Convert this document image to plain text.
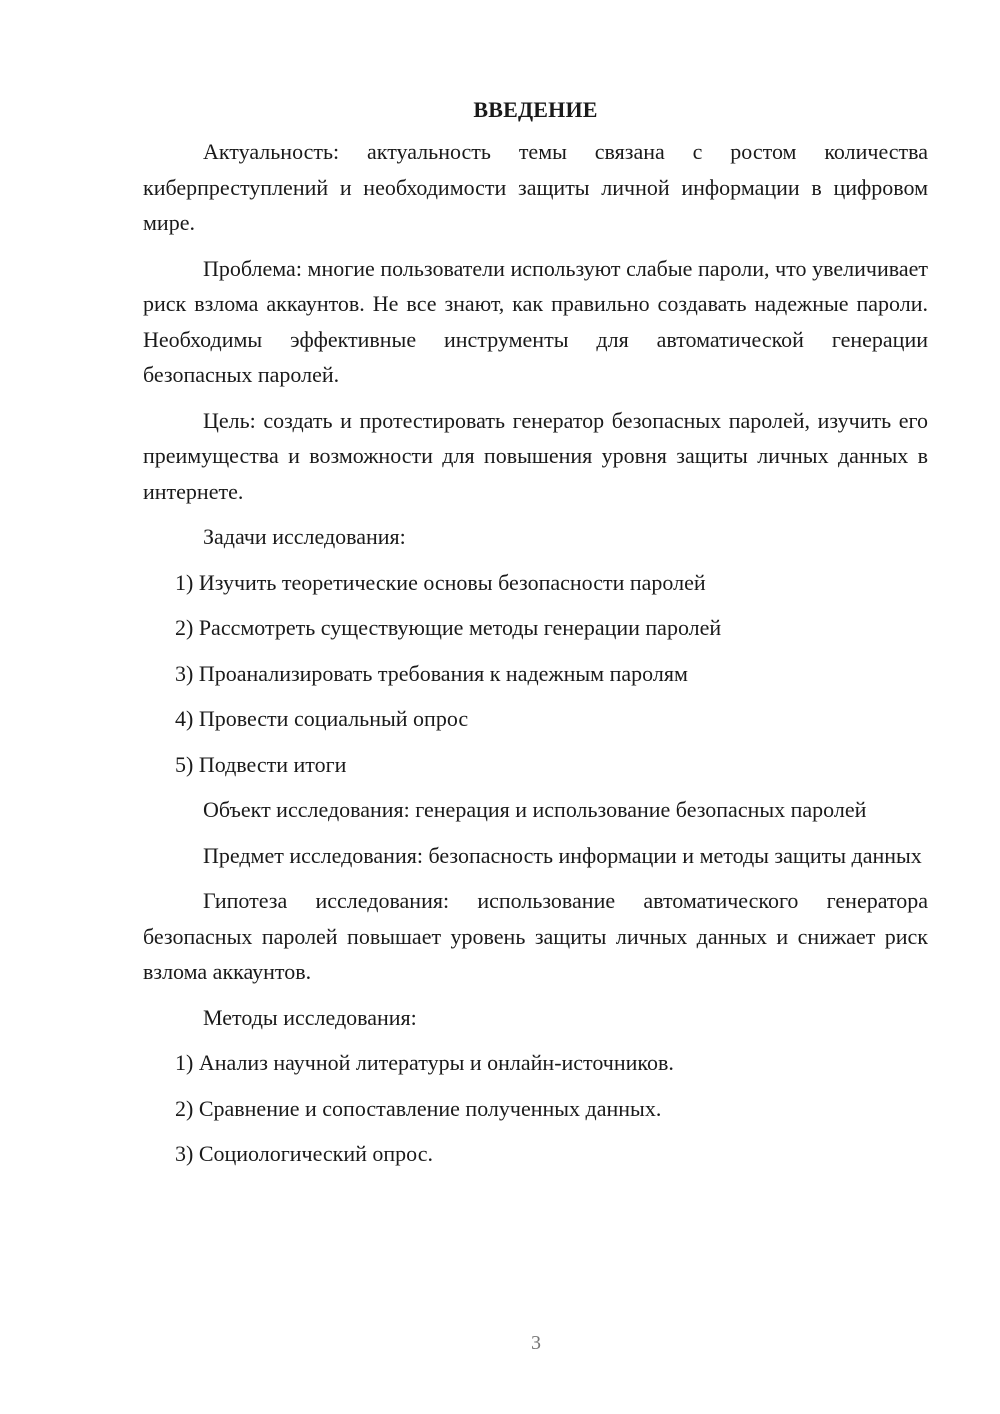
ВВЕДЕНИЕ

Актуальность: актуальность темы связана с ростом количества киберпреступлений и необходимости защиты личной информации в цифровом мире.

Проблема: многие пользователи используют слабые пароли, что увеличивает риск взлома аккаунтов. Не все знают, как правильно создавать надежные пароли. Необходимы эффективные инструменты для автоматической генерации безопасных паролей.

Цель: создать и протестировать генератор безопасных паролей, изучить его преимущества и возможности для повышения уровня защиты личных данных в интернете.

Задачи исследования:

1) Изучить теоретические основы безопасности паролей
2) Рассмотреть существующие методы генерации паролей
3) Проанализировать требования к надежным паролям
4) Провести социальный опрос
5) Подвести итоги

Объект исследования: генерация и использование безопасных паролей

Предмет исследования: безопасность информации и методы защиты данных

Гипотеза исследования: использование автоматического генератора безопасных паролей повышает уровень защиты личных данных и снижает риск взлома аккаунтов.

Методы исследования:

1) Анализ научной литературы и онлайн-источников.
2) Сравнение и сопоставление полученных данных.
3) Социологический опрос.
3
